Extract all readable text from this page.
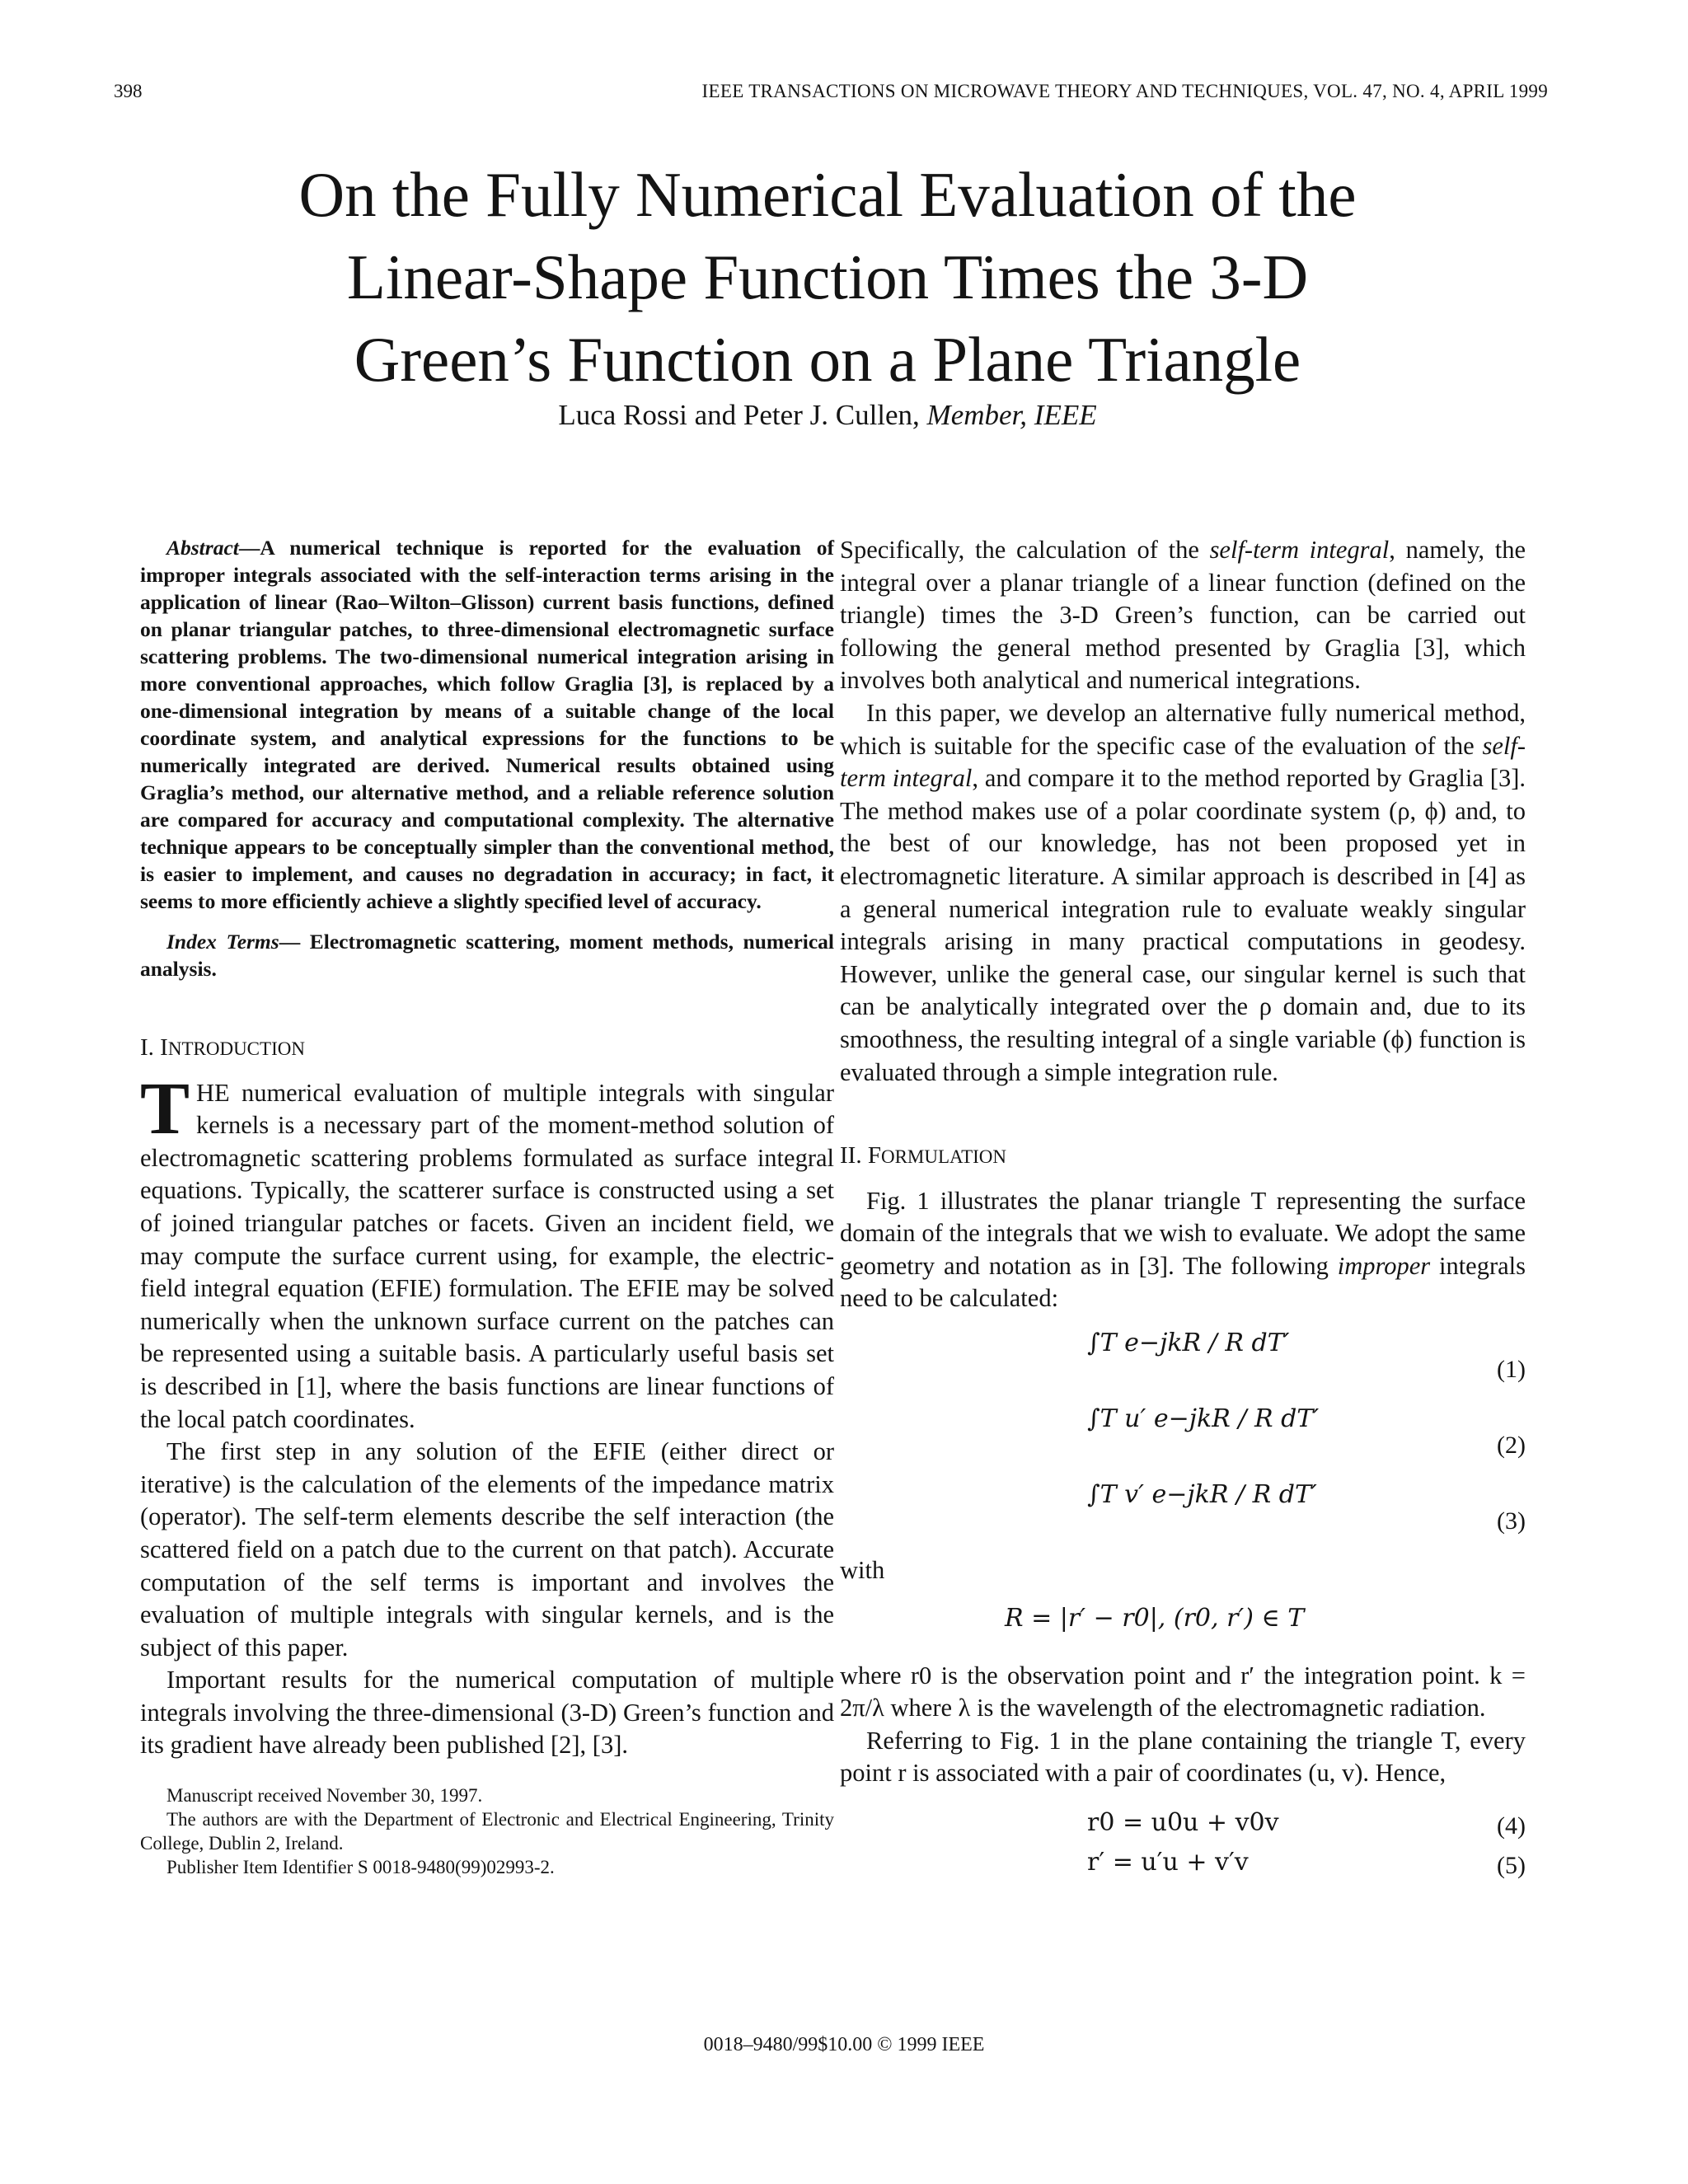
398	IEEE TRANSACTIONS ON MICROWAVE THEORY AND TECHNIQUES, VOL. 47, NO. 4, APRIL 1999
On the Fully Numerical Evaluation of the
Linear-Shape Function Times the 3-D
Green’s Function on a Plane Triangle
Luca Rossi and Peter J. Cullen, Member, IEEE

Abstract—A numerical technique is reported for the evaluation of improper integrals associated with the self-interaction terms arising in the application of linear (Rao–Wilton–Glisson) current basis functions, defined on planar triangular patches, to three-dimensional electromagnetic surface scattering problems. The two-dimensional numerical integration arising in more conventional approaches, which follow Graglia [3], is replaced by a one-dimensional integration by means of a suitable change of the local coordinate system, and analytical expressions for the functions to be numerically integrated are derived. Numerical results obtained using Graglia’s method, our alternative method, and a reliable reference solution are compared for accuracy and computational complexity. The alternative technique appears to be conceptually simpler than the conventional method, is easier to implement, and causes no degradation in accuracy; in fact, it seems to more efficiently achieve a slightly specified level of accuracy.

Index Terms— Electromagnetic scattering, moment methods, numerical analysis.

I. INTRODUCTION

THE numerical evaluation of multiple integrals with singular kernels is a necessary part of the moment-method solution of electromagnetic scattering problems formulated as surface integral equations. Typically, the scatterer surface is constructed using a set of joined triangular patches or facets. Given an incident field, we may compute the surface current using, for example, the electric-field integral equation (EFIE) formulation. The EFIE may be solved numerically when the unknown surface current on the patches can be represented using a suitable basis. A particularly useful basis set is described in [1], where the basis functions are linear functions of the local patch coordinates.

The first step in any solution of the EFIE (either direct or iterative) is the calculation of the elements of the impedance matrix (operator). The self-term elements describe the self interaction (the scattered field on a patch due to the current on that patch). Accurate computation of the self terms is important and involves the evaluation of multiple integrals with singular kernels, and is the subject of this paper.

Important results for the numerical computation of multiple integrals involving the three-dimensional (3-D) Green’s function and its gradient have already been published [2], [3].

Manuscript received November 30, 1997.

The authors are with the Department of Electronic and Electrical Engineering, Trinity College, Dublin 2, Ireland.

Publisher Item Identifier S 0018-9480(99)02993-2.

Specifically, the calculation of the self-term integral, namely, the integral over a planar triangle of a linear function (defined on the triangle) times the 3-D Green’s function, can be carried out following the general method presented by Graglia [3], which involves both analytical and numerical integrations.

In this paper, we develop an alternative fully numerical method, which is suitable for the specific case of the evaluation of the self-term integral, and compare it to the method reported by Graglia [3]. The method makes use of a polar coordinate system (ρ, ϕ) and, to the best of our knowledge, has not been proposed yet in electromagnetic literature. A similar approach is described in [4] as a general numerical integration rule to evaluate weakly singular integrals arising in many practical computations in geodesy. However, unlike the general case, our singular kernel is such that can be analytically integrated over the ρ domain and, due to its smoothness, the resulting integral of a single variable (ϕ) function is evaluated through a simple integration rule.

II. FORMULATION

Fig. 1 illustrates the planar triangle T representing the surface domain of the integrals that we wish to evaluate. We adopt the same geometry and notation as in [3]. The following improper integrals need to be calculated:

∫T e−jkR / R dT′
(1)
∫T u′ e−jkR / R dT′
(2)
∫T v′ e−jkR / R dT′
(3)

with

R = |r′ − r0|, (r0, r′) ∈ T

where r0 is the observation point and r′ the integration point. k = 2π/λ where λ is the wavelength of the electromagnetic radiation.

Referring to Fig. 1 in the plane containing the triangle T, every point r is associated with a pair of coordinates (u, v). Hence,

r0 = u0u + v0v	(4)
r′ = u′u + v′v	(5)
0018–9480/99$10.00 © 1999 IEEE
